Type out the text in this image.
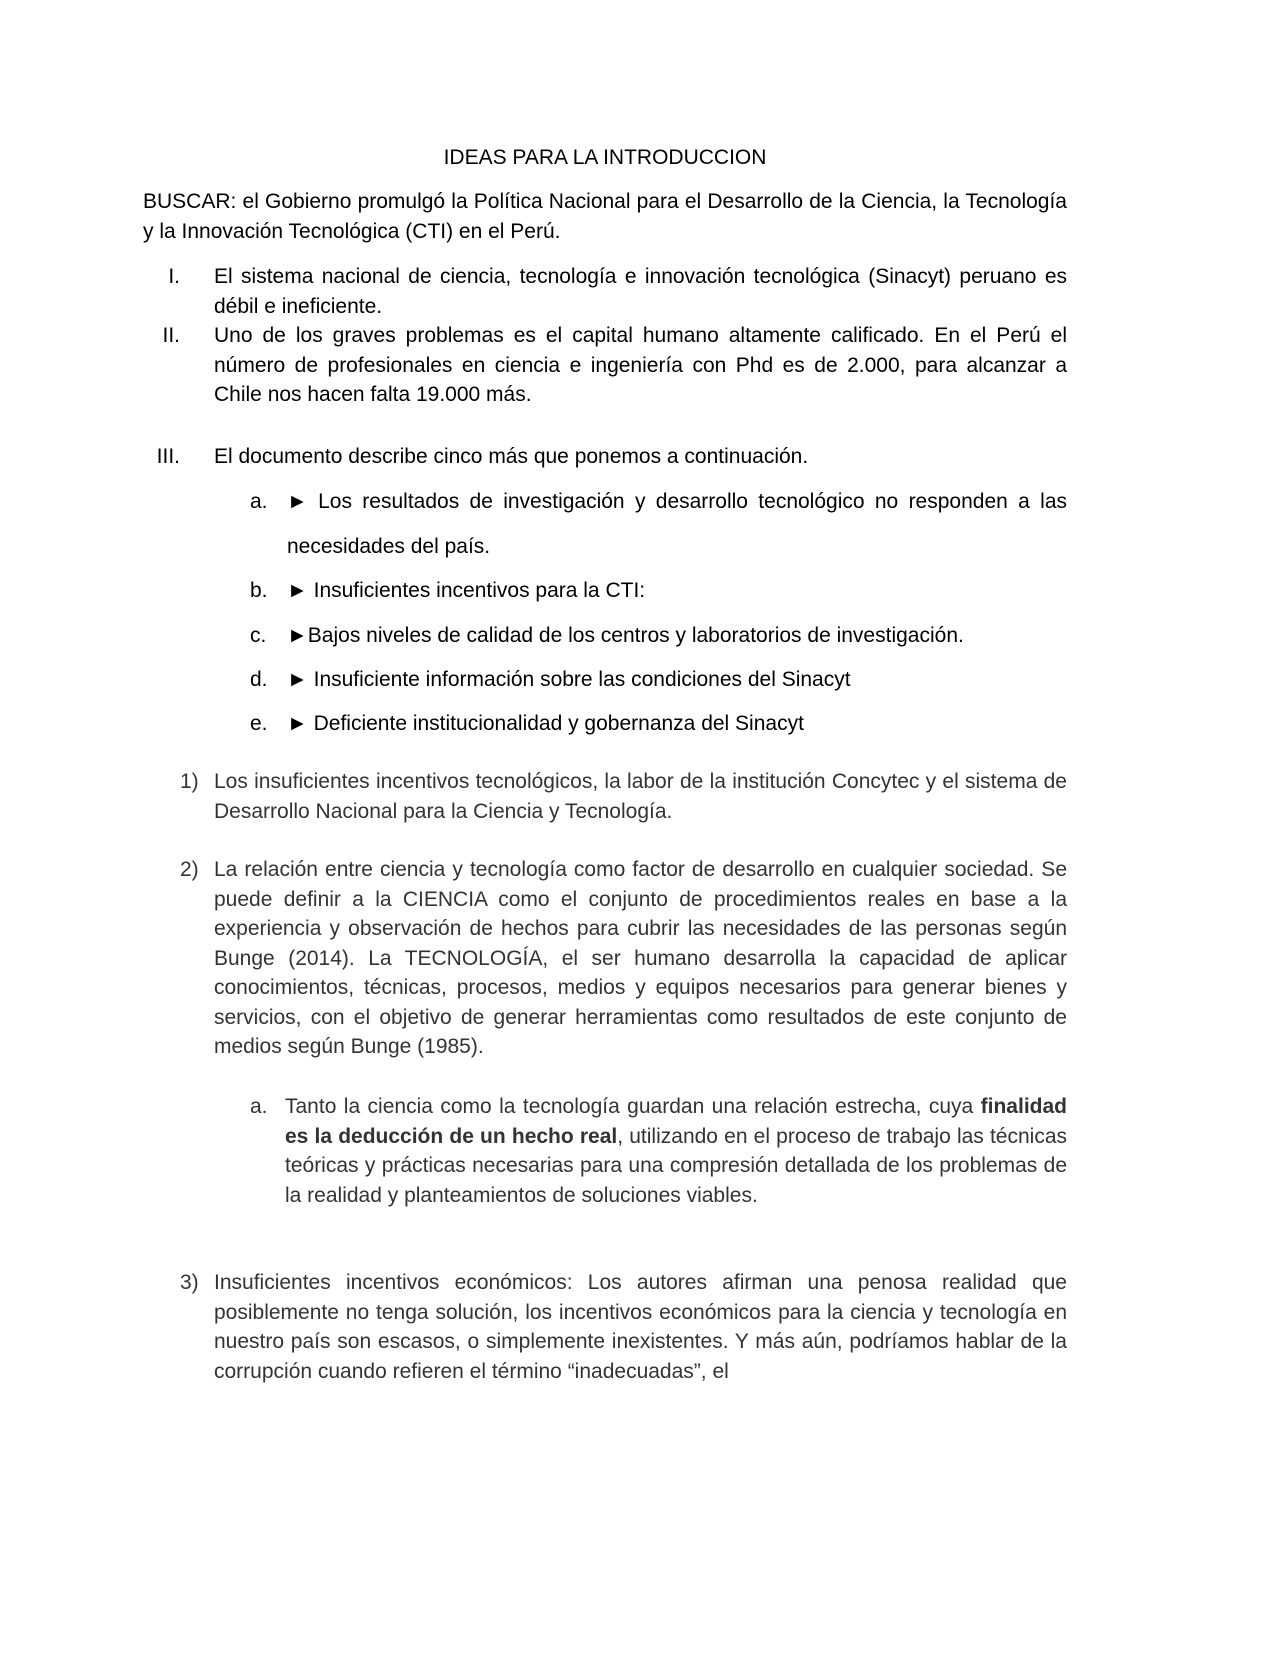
IDEAS PARA LA INTRODUCCION
BUSCAR: el Gobierno promulgó la Política Nacional para el Desarrollo de la Ciencia, la Tecnología y la Innovación Tecnológica (CTI) en el Perú.
I. El sistema nacional de ciencia, tecnología e innovación tecnológica (Sinacyt) peruano es débil e ineficiente.
II. Uno de los graves problemas es el capital humano altamente calificado. En el Perú el número de profesionales en ciencia e ingeniería con Phd es de 2.000, para alcanzar a Chile nos hacen falta 19.000 más.
III. El documento describe cinco más que ponemos a continuación.
a. ► Los resultados de investigación y desarrollo tecnológico no responden a las necesidades del país.
b. ► Insuficientes incentivos para la CTI:
c. ►Bajos niveles de calidad de los centros y laboratorios de investigación.
d. ► Insuficiente información sobre las condiciones del Sinacyt
e. ► Deficiente institucionalidad y gobernanza del Sinacyt
1) Los insuficientes incentivos tecnológicos, la labor de la institución Concytec y el sistema de Desarrollo Nacional para la Ciencia y Tecnología.
2) La relación entre ciencia y tecnología como factor de desarrollo en cualquier sociedad. Se puede definir a la CIENCIA como el conjunto de procedimientos reales en base a la experiencia y observación de hechos para cubrir las necesidades de las personas según Bunge (2014). La TECNOLOGÍA, el ser humano desarrolla la capacidad de aplicar conocimientos, técnicas, procesos, medios y equipos necesarios para generar bienes y servicios, con el objetivo de generar herramientas como resultados de este conjunto de medios según Bunge (1985).
a. Tanto la ciencia como la tecnología guardan una relación estrecha, cuya finalidad es la deducción de un hecho real, utilizando en el proceso de trabajo las técnicas teóricas y prácticas necesarias para una compresión detallada de los problemas de la realidad y planteamientos de soluciones viables.
3) Insuficientes incentivos económicos: Los autores afirman una penosa realidad que posiblemente no tenga solución, los incentivos económicos para la ciencia y tecnología en nuestro país son escasos, o simplemente inexistentes. Y más aún, podríamos hablar de la corrupción cuando refieren el término “inadecuadas”, el
